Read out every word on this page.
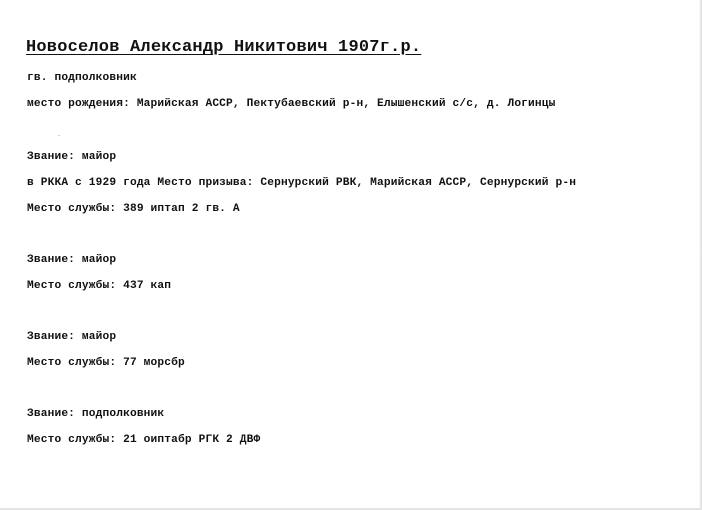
Новоселов Александр Никитович 1907г.р.
гв. подполковник
место рождения: Марийская АССР, Пектубаевский р-н, Елышенский с/с, д. Логинцы
Звание: майор
в РККА с 1929 года Место призыва: Сернурский РВК, Марийская АССР, Сернурский р-н
Место службы: 389 иптап 2 гв. А
Звание: майор
Место службы: 437 кап
Звание: майор
Место службы: 77 морсбр
Звание: подполковник
Место службы: 21 оиптабр РГК 2 ДВФ
